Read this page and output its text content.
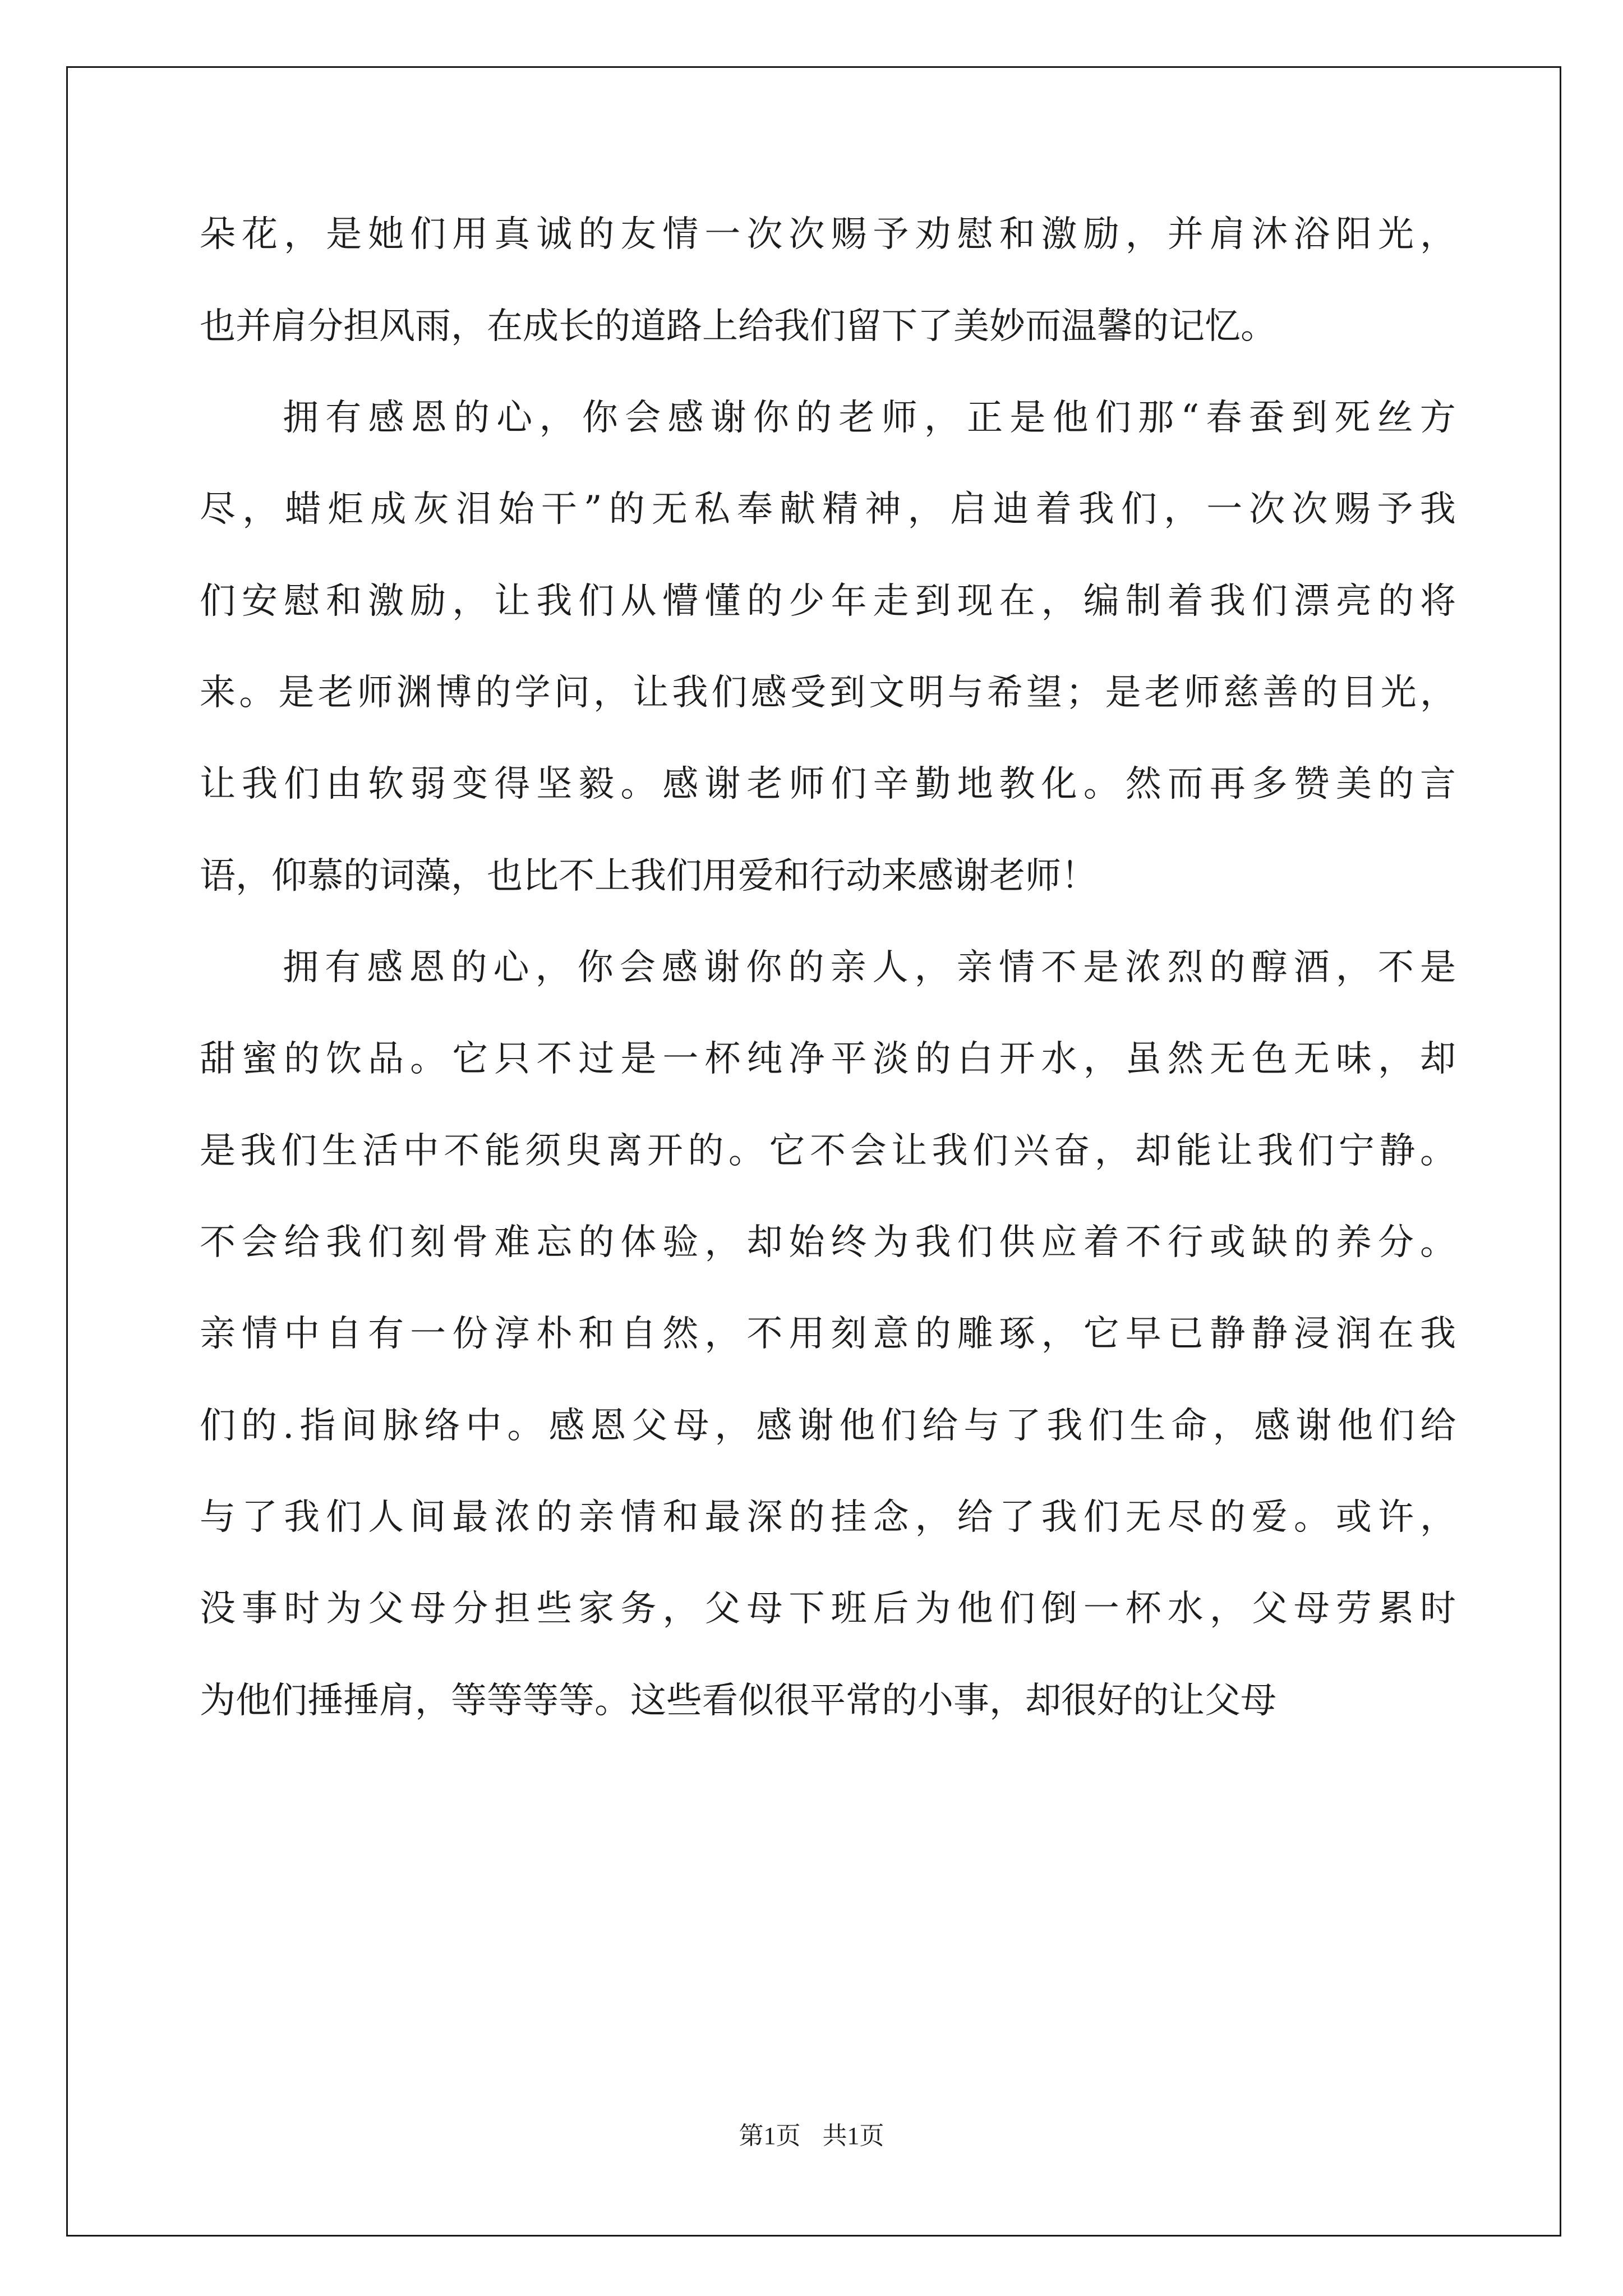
朵花，是她们用真诚的友情一次次赐予劝慰和激励，并肩沐浴阳光，
也并肩分担风雨，在成长的道路上给我们留下了美妙而温馨的记忆。
拥有感恩的心，你会感谢你的老师，正是他们那“春蚕到死丝方
尽，蜡炬成灰泪始干”的无私奉献精神，启迪着我们，一次次赐予我
们安慰和激励，让我们从懵懂的少年走到现在，编制着我们漂亮的将
来。是老师渊博的学问，让我们感受到文明与希望；是老师慈善的目光，
让我们由软弱变得坚毅。感谢老师们辛勤地教化。然而再多赞美的言
语，仰慕的词藻，也比不上我们用爱和行动来感谢老师！
拥有感恩的心，你会感谢你的亲人，亲情不是浓烈的醇酒，不是
甜蜜的饮品。它只不过是一杯纯净平淡的白开水，虽然无色无味，却
是我们生活中不能须臾离开的。它不会让我们兴奋，却能让我们宁静。
不会给我们刻骨难忘的体验，却始终为我们供应着不行或缺的养分。
亲情中自有一份淳朴和自然，不用刻意的雕琢，它早已静静浸润在我
们的.指间脉络中。感恩父母，感谢他们给与了我们生命，感谢他们给
与了我们人间最浓的亲情和最深的挂念，给了我们无尽的爱。或许，
没事时为父母分担些家务，父母下班后为他们倒一杯水，父母劳累时
为他们捶捶肩，等等等等。这些看似很平常的小事，却很好的让父母
第1页 共1页
